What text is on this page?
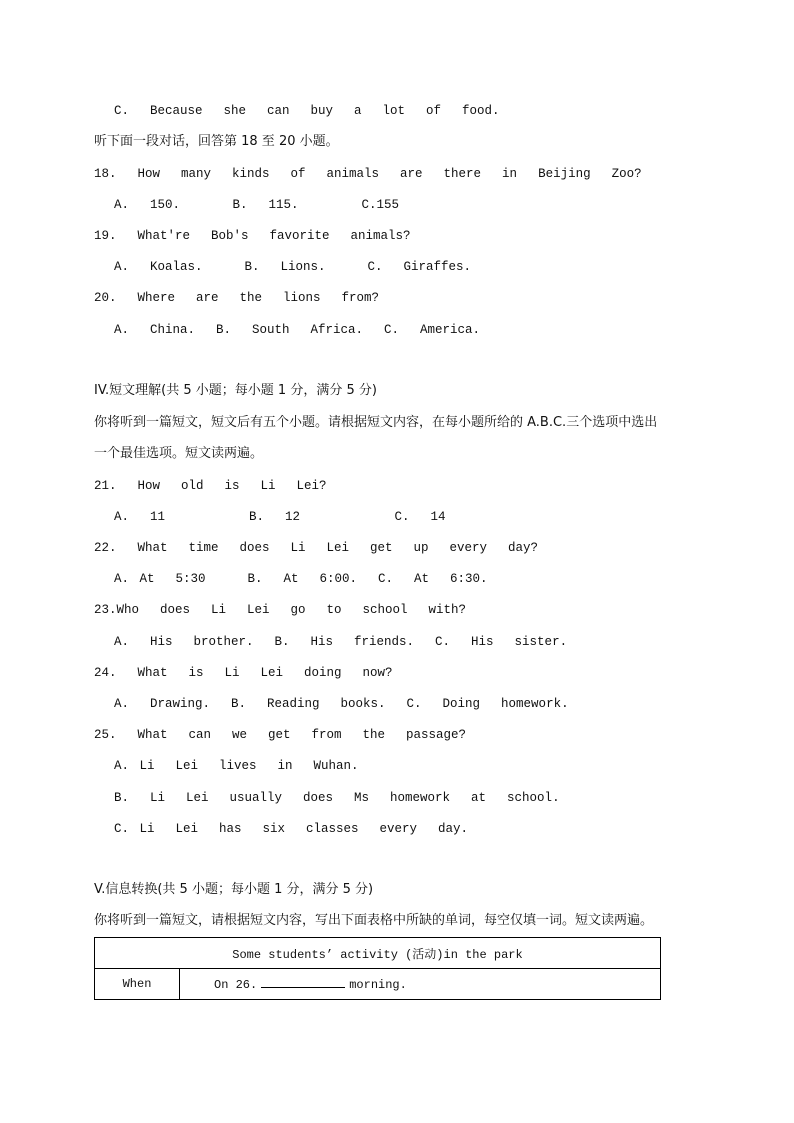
C.  Because  she  can  buy  a  lot  of  food.
听下面一段对话，回答第 18 至 20 小题。
18.  How  many  kinds  of  animals  are  there  in  Beijing  Zoo?
A.  150.     B.  115.      C.155
19.  What're  Bob's  favorite  animals?
A.  Koalas.    B.  Lions.    C.  Giraffes.
20.  Where  are  the  lions  from?
A.  China.  B.  South  Africa.  C.  America.
IV.短文理解(共 5 小题；每小题 1 分，满分 5 分)
你将听到一篇短文，短文后有五个小题。请根据短文内容，在每小题所给的 A.B.C.三个选项中选出
一个最佳选项。短文读两遍。
21.  How  old  is  Li  Lei?
A.  11        B.  12         C.  14
22.  What  time  does  Li  Lei  get  up  every  day?
A. At  5:30    B.  At  6:00.  C.  At  6:30.
23.Who  does  Li  Lei  go  to  school  with?
A.  His  brother.  B.  His  friends.  C.  His  sister.
24.  What  is  Li  Lei  doing  now?
A.  Drawing.  B.  Reading  books.  C.  Doing  homework.
25.  What  can  we  get  from  the  passage?
A. Li  Lei  lives  in  Wuhan.
B.  Li  Lei  usually  does  Ms  homework  at  school.
C. Li  Lei  has  six  classes  every  day.
V.信息转换(共 5 小题；每小题 1 分，满分 5 分)
你将听到一篇短文，请根据短文内容，写出下面表格中所缺的单词，每空仅填一词。短文读两遍。
Some students’ activity (活动)in the park
When	On 26.	morning.
